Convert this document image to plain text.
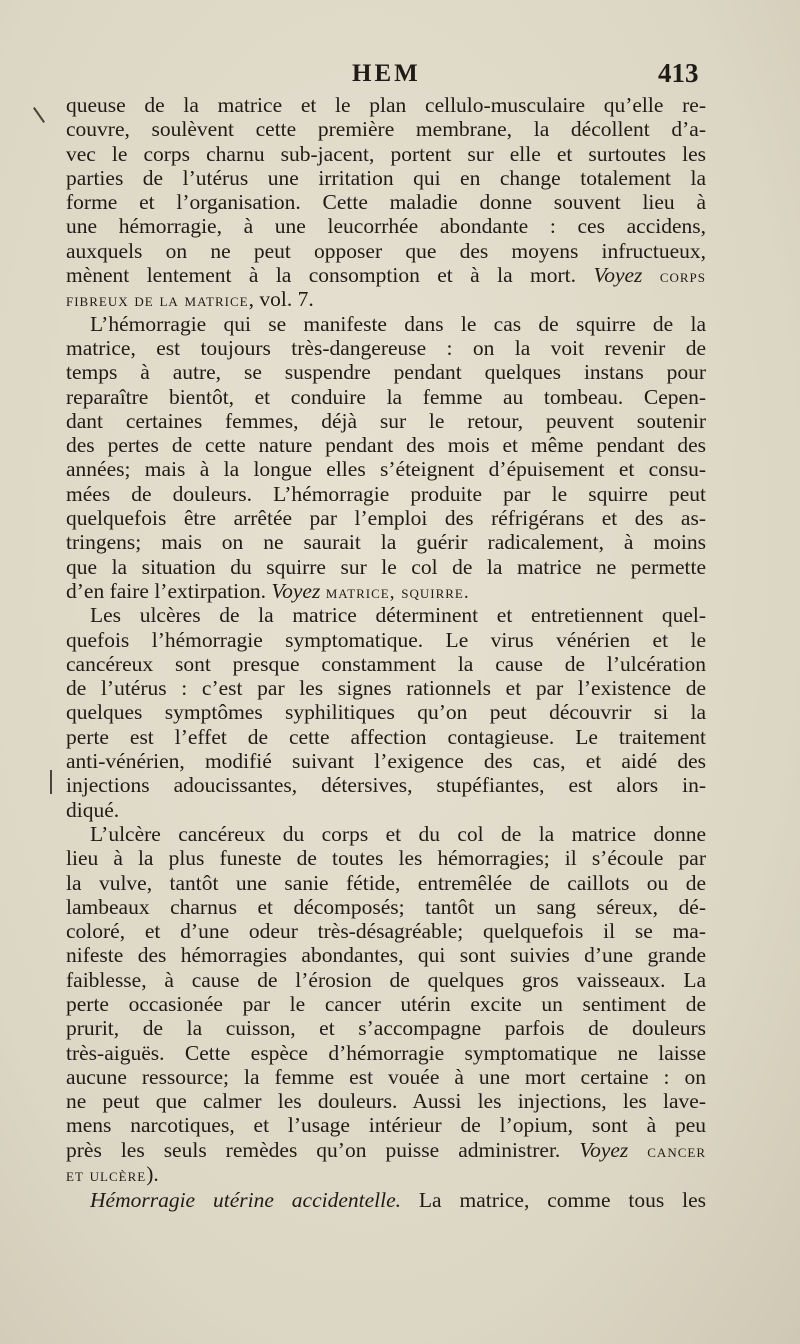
HEM	413
queuse de la matrice et le plan cellulo-musculaire qu’elle re-
couvre, soulèvent cette première membrane, la décollent d’a-
vec le corps charnu sub-jacent, portent sur elle et surtoutes les
parties de l’utérus une irritation qui en change totalement la
forme et l’organisation. Cette maladie donne souvent lieu à
une hémorragie, à une leucorrhée abondante : ces accidens,
auxquels on ne peut opposer que des moyens infructueux,
mènent lentement à la consomption et à la mort. Voyez corps
fibreux de la matrice, vol. 7.
L’hémorragie qui se manifeste dans le cas de squirre de la
matrice, est toujours très-dangereuse : on la voit revenir de
temps à autre, se suspendre pendant quelques instans pour
reparaître bientôt, et conduire la femme au tombeau. Cepen-
dant certaines femmes, déjà sur le retour, peuvent soutenir
des pertes de cette nature pendant des mois et même pendant des
années; mais à la longue elles s’éteignent d’épuisement et consu-
mées de douleurs. L’hémorragie produite par le squirre peut
quelquefois être arrêtée par l’emploi des réfrigérans et des as-
tringens; mais on ne saurait la guérir radicalement, à moins
que la situation du squirre sur le col de la matrice ne permette
d’en faire l’extirpation. Voyez matrice, squirre.
Les ulcères de la matrice déterminent et entretiennent quel-
quefois l’hémorragie symptomatique. Le virus vénérien et le
cancéreux sont presque constamment la cause de l’ulcération
de l’utérus : c’est par les signes rationnels et par l’existence de
quelques symptômes syphilitiques qu’on peut découvrir si la
perte est l’effet de cette affection contagieuse. Le traitement
anti-vénérien, modifié suivant l’exigence des cas, et aidé des
injections adoucissantes, détersives, stupéfiantes, est alors in-
diqué.
L’ulcère cancéreux du corps et du col de la matrice donne
lieu à la plus funeste de toutes les hémorragies; il s’écoule par
la vulve, tantôt une sanie fétide, entremêlée de caillots ou de
lambeaux charnus et décomposés; tantôt un sang séreux, dé-
coloré, et d’une odeur très-désagréable; quelquefois il se ma-
nifeste des hémorragies abondantes, qui sont suivies d’une grande
faiblesse, à cause de l’érosion de quelques gros vaisseaux. La
perte occasionée par le cancer utérin excite un sentiment de
prurit, de la cuisson, et s’accompagne parfois de douleurs
très-aiguës. Cette espèce d’hémorragie symptomatique ne laisse
aucune ressource; la femme est vouée à une mort certaine : on
ne peut que calmer les douleurs. Aussi les injections, les lave-
mens narcotiques, et l’usage intérieur de l’opium, sont à peu
près les seuls remèdes qu’on puisse administrer. Voyez cancer
et ulcère).
Hémorragie utérine accidentelle. La matrice, comme tous les
